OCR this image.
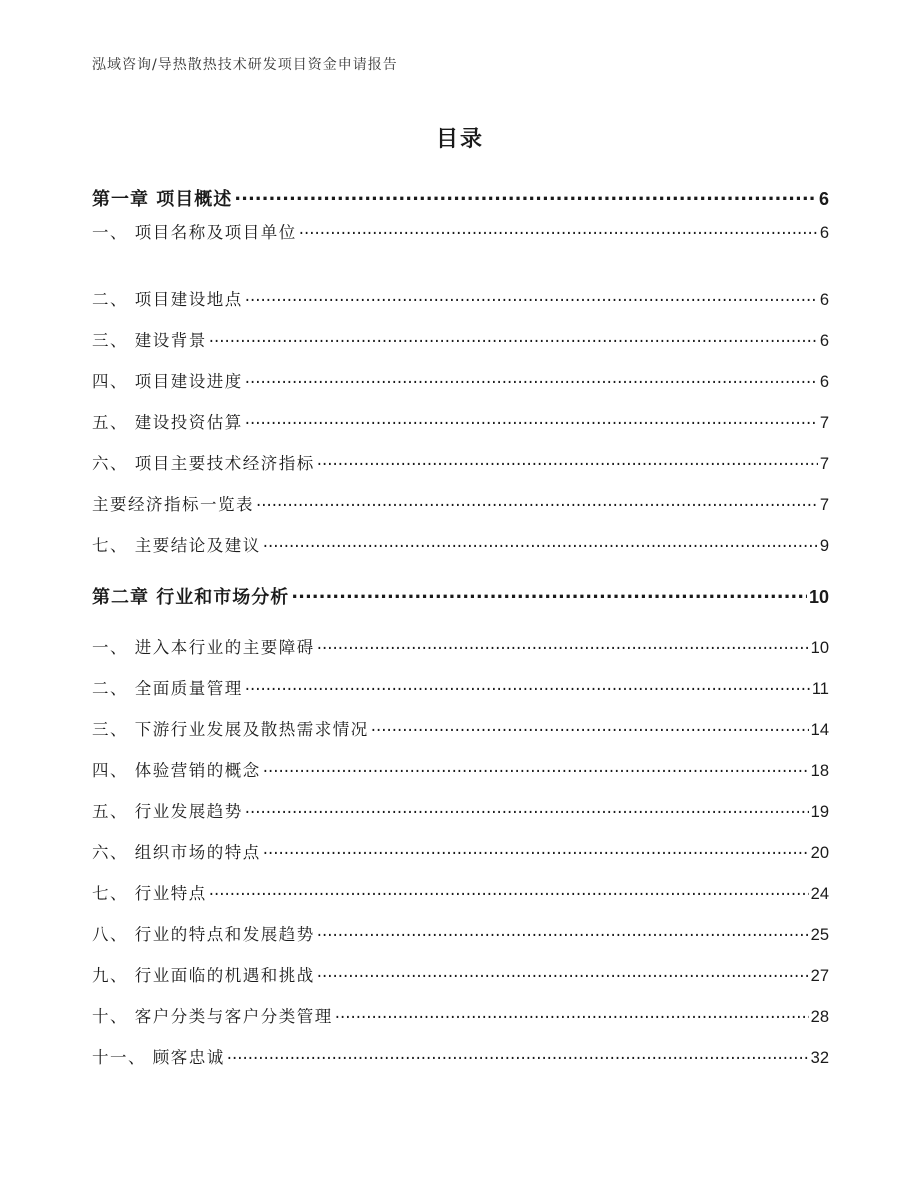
泓域咨询/导热散热技术研发项目资金申请报告
目录
第一章 项目概述 .....	6
一、 项目名称及项目单位 .....	6
二、 项目建设地点 .....	6
三、 建设背景 .....	6
四、 项目建设进度 .....	6
五、 建设投资估算 .....	7
六、 项目主要技术经济指标 .....	7
主要经济指标一览表 .....	7
七、 主要结论及建议 .....	9
第二章 行业和市场分析 .....	10
一、 进入本行业的主要障碍 .....	10
二、 全面质量管理 .....	11
三、 下游行业发展及散热需求情况 .....	14
四、 体验营销的概念 .....	18
五、 行业发展趋势 .....	19
六、 组织市场的特点 .....	20
七、 行业特点 .....	24
八、 行业的特点和发展趋势 .....	25
九、 行业面临的机遇和挑战 .....	27
十、 客户分类与客户分类管理 .....	28
十一、 顾客忠诚 .....	32
